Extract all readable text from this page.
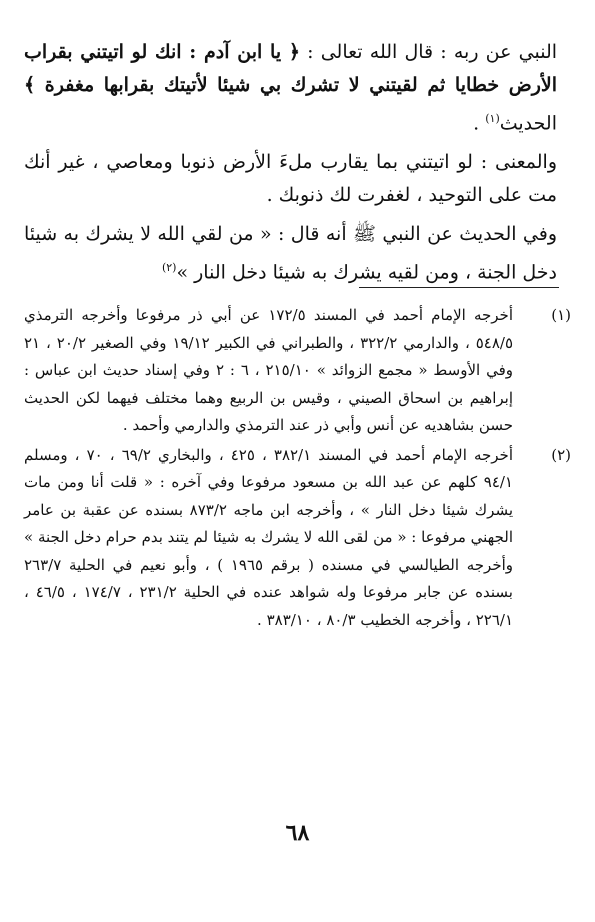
النبي عن ربه : قال الله تعالى : ﴿ يا ابن آدم : انك لو اتيتني بقراب الأرض خطايا ثم لقيتني لا تشرك بي شيئا لأتيتك بقرابها مغفرة ﴾ الحديث$^{(١)}$ .

والمعنى : لو اتيتني بما يقارب ملءَ الأرض ذنوبا ومعاصي ، غير أنك مت على التوحيد ، لغفرت لك ذنوبك .

وفي الحديث عن النبي ﷺ أنه قال : « من لقي الله لا يشرك به شيئا دخل الجنة ، ومن لقيه يشرك به شيئا دخل النار »$^{(٢)}$

(١)
أخرجه الإمام أحمد في المسند ١٧٢/٥ عن أبي ذر مرفوعا وأخرجه الترمذي ٥٤٨/٥ ، والدارمي ٣٢٢/٢ ، والطبراني في الكبير ١٩/١٢ وفي الصغير ٢٠/٢ ، ٢١ وفي الأوسط « مجمع الزوائد » ٢١٥/١٠ ، ٦ : ٢ وفي إسناد حديث ابن عباس : إبراهيم بن اسحاق الصيني ، وقيس بن الربيع وهما مختلف فيهما لكن الحديث حسن بشاهديه عن أنس وأبي ذر عند الترمذي والدارمي وأحمد .
(٢)
أخرجه الإمام أحمد في المسند ٣٨٢/١ ، ٤٢٥ ، والبخاري ٦٩/٢ ، ٧٠ ، ومسلم ٩٤/١ كلهم عن عبد الله بن مسعود مرفوعا وفي آخره : « قلت أنا ومن مات يشرك شيئا دخل النار » ، وأخرجه ابن ماجه ٨٧٣/٢ بسنده عن عقبة بن عامر الجهني مرفوعا : « من لقى الله لا يشرك به شيئا لم يتند بدم حرام دخل الجنة » وأخرجه الطيالسي في مسنده ( برقم ١٩٦٥ ) ، وأبو نعيم في الحلية ٢٦٣/٧ بسنده عن جابر مرفوعا وله شواهد عنده في الحلية ٢٣١/٢ ، ١٧٤/٧ ، ٤٦/٥ ، ٢٢٦/١ ، وأخرجه الخطيب ٨٠/٣ ، ٣٨٣/١٠ .
٦٨
